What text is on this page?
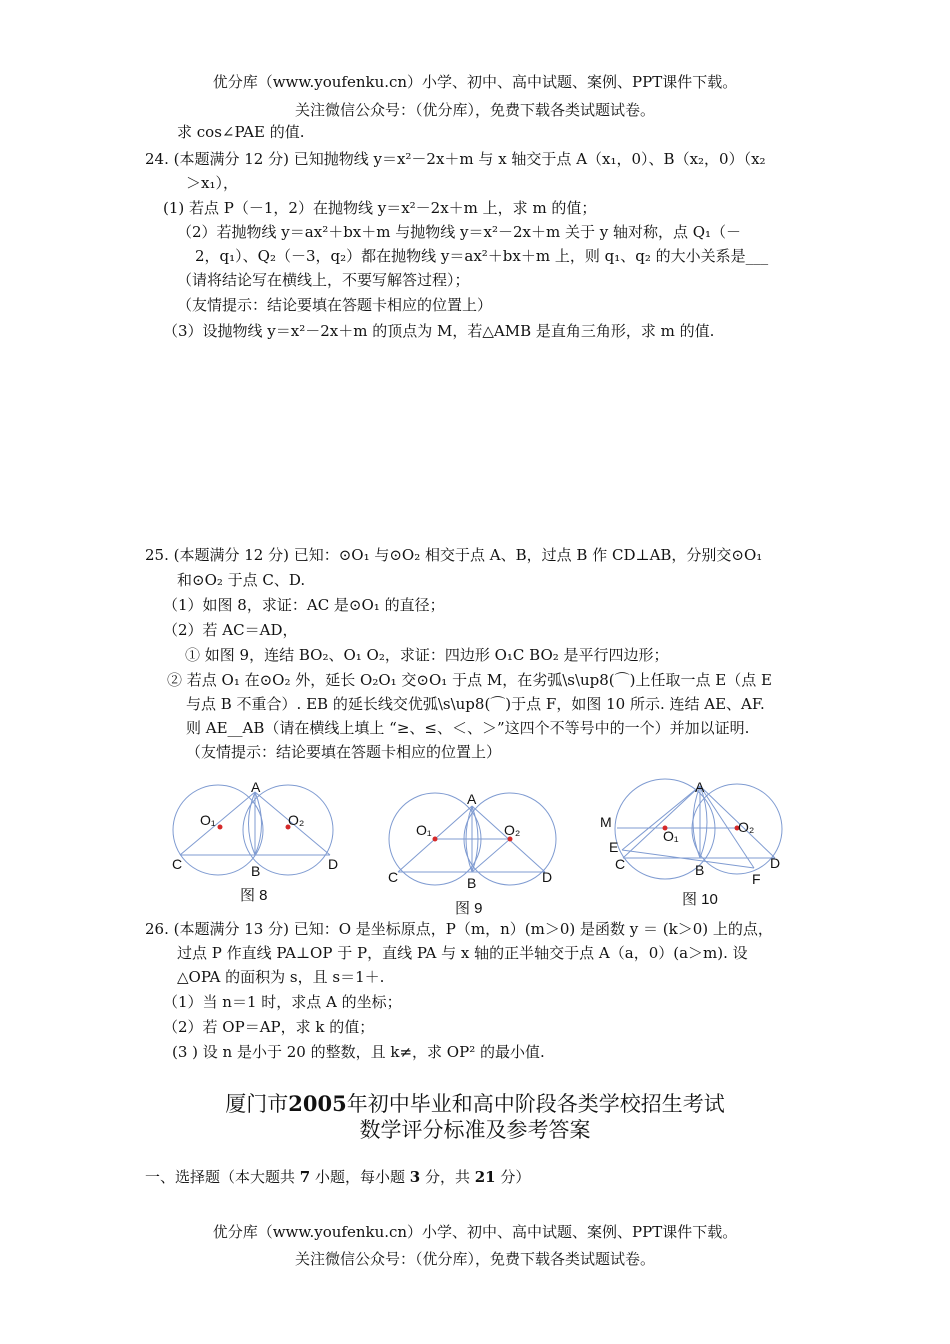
优分库（www.youfenku.cn）小学、初中、高中试题、案例、PPT课件下载。
关注微信公众号：（优分库），免费下载各类试题试卷。
求 cos∠PAE 的值.
24. (本题满分 12 分) 已知抛物线 y＝x²－2x＋m 与 x 轴交于点 A（x₁，0）、B（x₂，0）（x₂
＞x₁），
(1) 若点 P（－1，2）在抛物线 y＝x²－2x＋m 上，求 m 的值；
（2）若抛物线 y＝ax²＋bx＋m 与抛物线 y＝x²－2x＋m 关于 y 轴对称，点 Q₁（－
2，q₁）、Q₂（－3，q₂）都在抛物线 y＝ax²＋bx＋m 上，则 q₁、q₂ 的大小关系是___
（请将结论写在横线上，不要写解答过程）；
（友情提示：结论要填在答题卡相应的位置上）
（3）设抛物线 y＝x²－2x＋m 的顶点为 M，若△AMB 是直角三角形，求 m 的值.
25. (本题满分 12 分) 已知：⊙O₁ 与⊙O₂ 相交于点 A、B，过点 B 作 CD⊥AB，分别交⊙O₁
和⊙O₂ 于点 C、D.
（1）如图 8，求证：AC 是⊙O₁ 的直径；
（2）若 AC＝AD，
① 如图 9，连结 BO₂、O₁ O₂，求证：四边形 O₁C BO₂ 是平行四边形；
② 若点 O₁ 在⊙O₂ 外，延长 O₂O₁ 交⊙O₁ 于点 M，在劣弧\s\up8(⌒)上任取一点 E（点 E
与点 B 不重合）. EB 的延长线交优弧\s\up8(⌒)于点 F，如图 10 所示. 连结 AE、AF.
则 AE__AB（请在横线上填上 “≥、≤、＜、＞”这四个不等号中的一个）并加以证明.
（友情提示：结论要填在答题卡相应的位置上）
A
B
C	D
O₁	O₂
图 8
A
B
C	D
O₁	O₂
图 9
A
B
C	D
M
E
F
O₁
O₂
图 10
26. (本题满分 13 分) 已知：O 是坐标原点，P（m，n）(m＞0) 是函数 y ＝ (k＞0) 上的点，
过点 P 作直线 PA⊥OP 于 P，直线 PA 与 x 轴的正半轴交于点 A（a，0）(a＞m). 设
△OPA 的面积为 s，且 s＝1＋.
（1）当 n＝1 时，求点 A 的坐标；
（2）若 OP＝AP，求 k 的值；
(3 ) 设 n 是小于 20 的整数，且 k≠，求 OP² 的最小值.
厦门市2005年初中毕业和高中阶段各类学校招生考试
数学评分标准及参考答案
一、选择题（本大题共 7 小题，每小题 3 分，共 21 分）
优分库（www.youfenku.cn）小学、初中、高中试题、案例、PPT课件下载。
关注微信公众号：（优分库），免费下载各类试题试卷。
